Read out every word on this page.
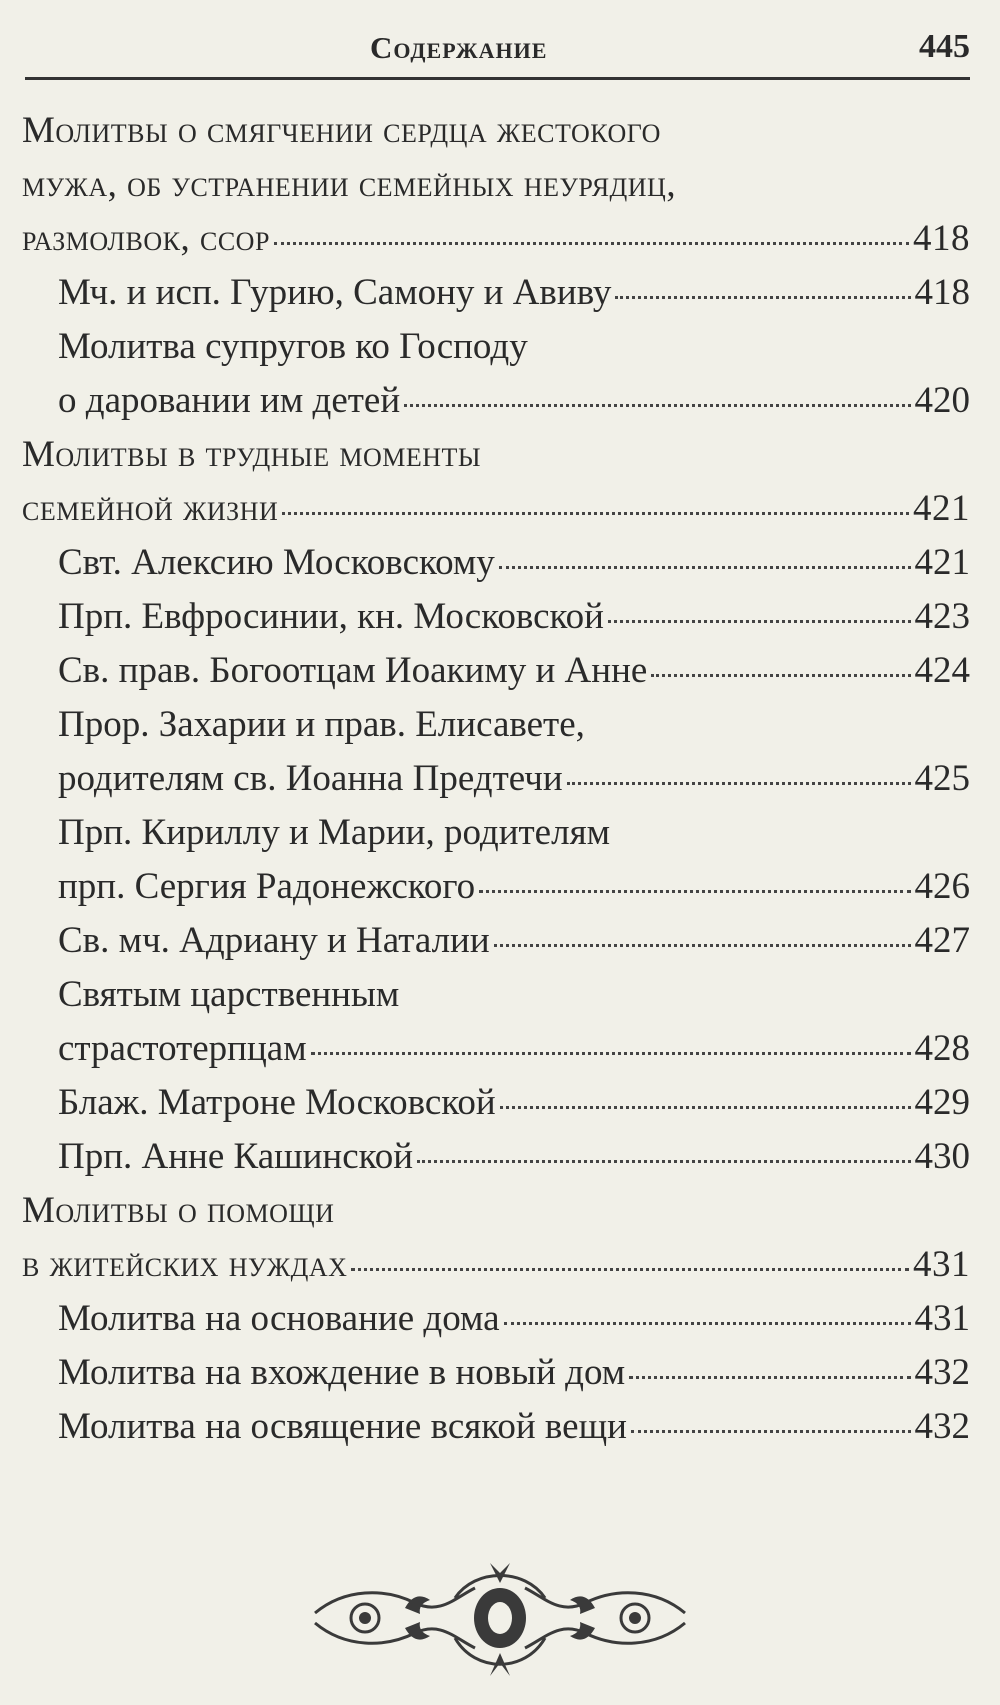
Содержание	445
Молитвы о смягчении сердца жестокого
мужа, об устранении семейных неурядиц,
размолвок, ссор	418
Мч. и исп. Гурию, Самону и Авиву	418
Молитва супругов ко Господу
о даровании им детей	420
Молитвы в трудные моменты
семейной жизни	421
Свт. Алексию Московскому	421
Прп. Евфросинии, кн. Московской	423
Св. прав. Богоотцам Иоакиму и Анне	424
Прор. Захарии и прав. Елисавете,
родителям св. Иоанна Предтечи	425
Прп. Кириллу и Марии, родителям
прп. Сергия Радонежского	426
Св. мч. Адриану и Наталии	427
Святым царственным
страстотерпцам	428
Блаж. Матроне Московской	429
Прп. Анне Кашинской	430
Молитвы о помощи
в житейских нуждах	431
Молитва на основание дома	431
Молитва на вхождение в новый дом	432
Молитва на освящение всякой вещи	432
